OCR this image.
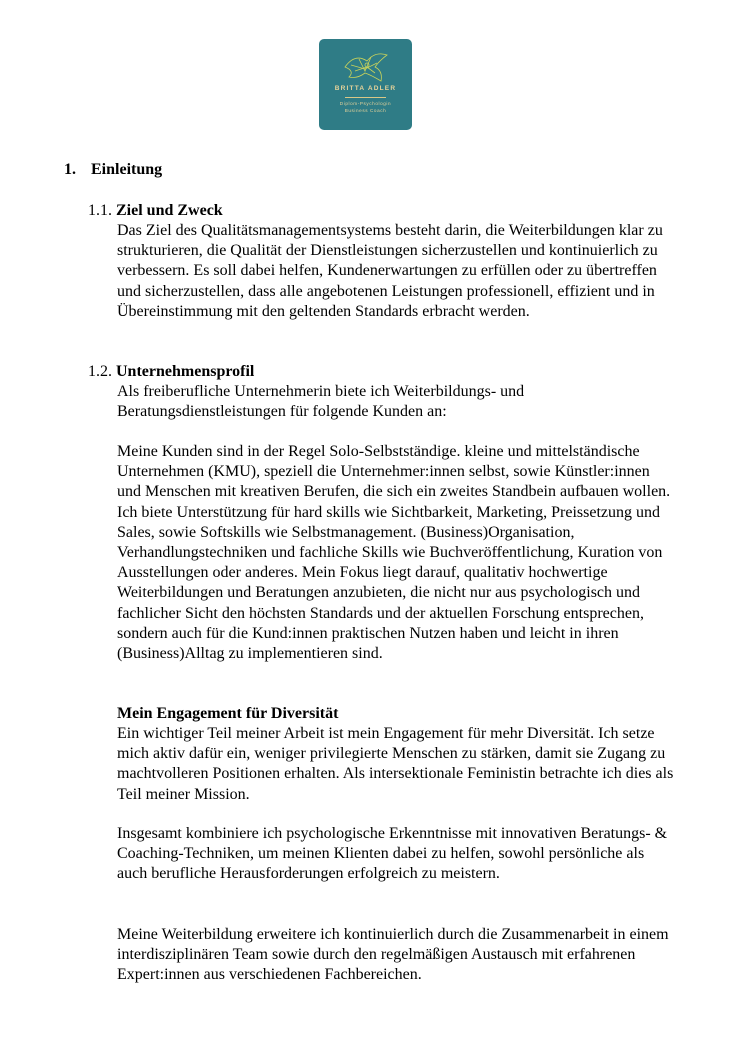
BRITTA ADLER
Diplom-Psychologin
Business Coach
1. Einleitung
1.1. Ziel und Zweck
Das Ziel des Qualitätsmanagementsystems besteht darin, die Weiterbildungen klar zu strukturieren, die Qualität der Dienstleistungen sicherzustellen und kontinuierlich zu verbessern. Es soll dabei helfen, Kundenerwartungen zu erfüllen oder zu übertreffen und sicherzustellen, dass alle angebotenen Leistungen professionell, effizient und in Übereinstimmung mit den geltenden Standards erbracht werden.
1.2. Unternehmensprofil
Als freiberufliche Unternehmerin biete ich Weiterbildungs- und Beratungsdienstleistungen für folgende Kunden an:
Meine Kunden sind in der Regel Solo-Selbstständige. kleine und mittelständische Unternehmen (KMU), speziell die Unternehmer:innen selbst, sowie Künstler:innen und Menschen mit kreativen Berufen, die sich ein zweites Standbein aufbauen wollen. Ich biete Unterstützung für hard skills wie Sichtbarkeit, Marketing, Preissetzung und Sales, sowie Softskills wie Selbstmanagement. (Business)Organisation, Verhandlungstechniken und fachliche Skills wie Buchveröffentlichung, Kuration von Ausstellungen oder anderes. Mein Fokus liegt darauf, qualitativ hochwertige Weiterbildungen und Beratungen anzubieten, die nicht nur aus psychologisch und fachlicher Sicht den höchsten Standards und der aktuellen Forschung entsprechen, sondern auch für die Kund:innen praktischen Nutzen haben und leicht in ihren (Business)Alltag zu implementieren sind.
Mein Engagement für Diversität
Ein wichtiger Teil meiner Arbeit ist mein Engagement für mehr Diversität. Ich setze mich aktiv dafür ein, weniger privilegierte Menschen zu stärken, damit sie Zugang zu machtvolleren Positionen erhalten. Als intersektionale Feministin betrachte ich dies als Teil meiner Mission.
Insgesamt kombiniere ich psychologische Erkenntnisse mit innovativen Beratungs- & Coaching-Techniken, um meinen Klienten dabei zu helfen, sowohl persönliche als auch berufliche Herausforderungen erfolgreich zu meistern.
Meine Weiterbildung erweitere ich kontinuierlich durch die Zusammenarbeit in einem interdisziplinären Team sowie durch den regelmäßigen Austausch mit erfahrenen Expert:innen aus verschiedenen Fachbereichen.
